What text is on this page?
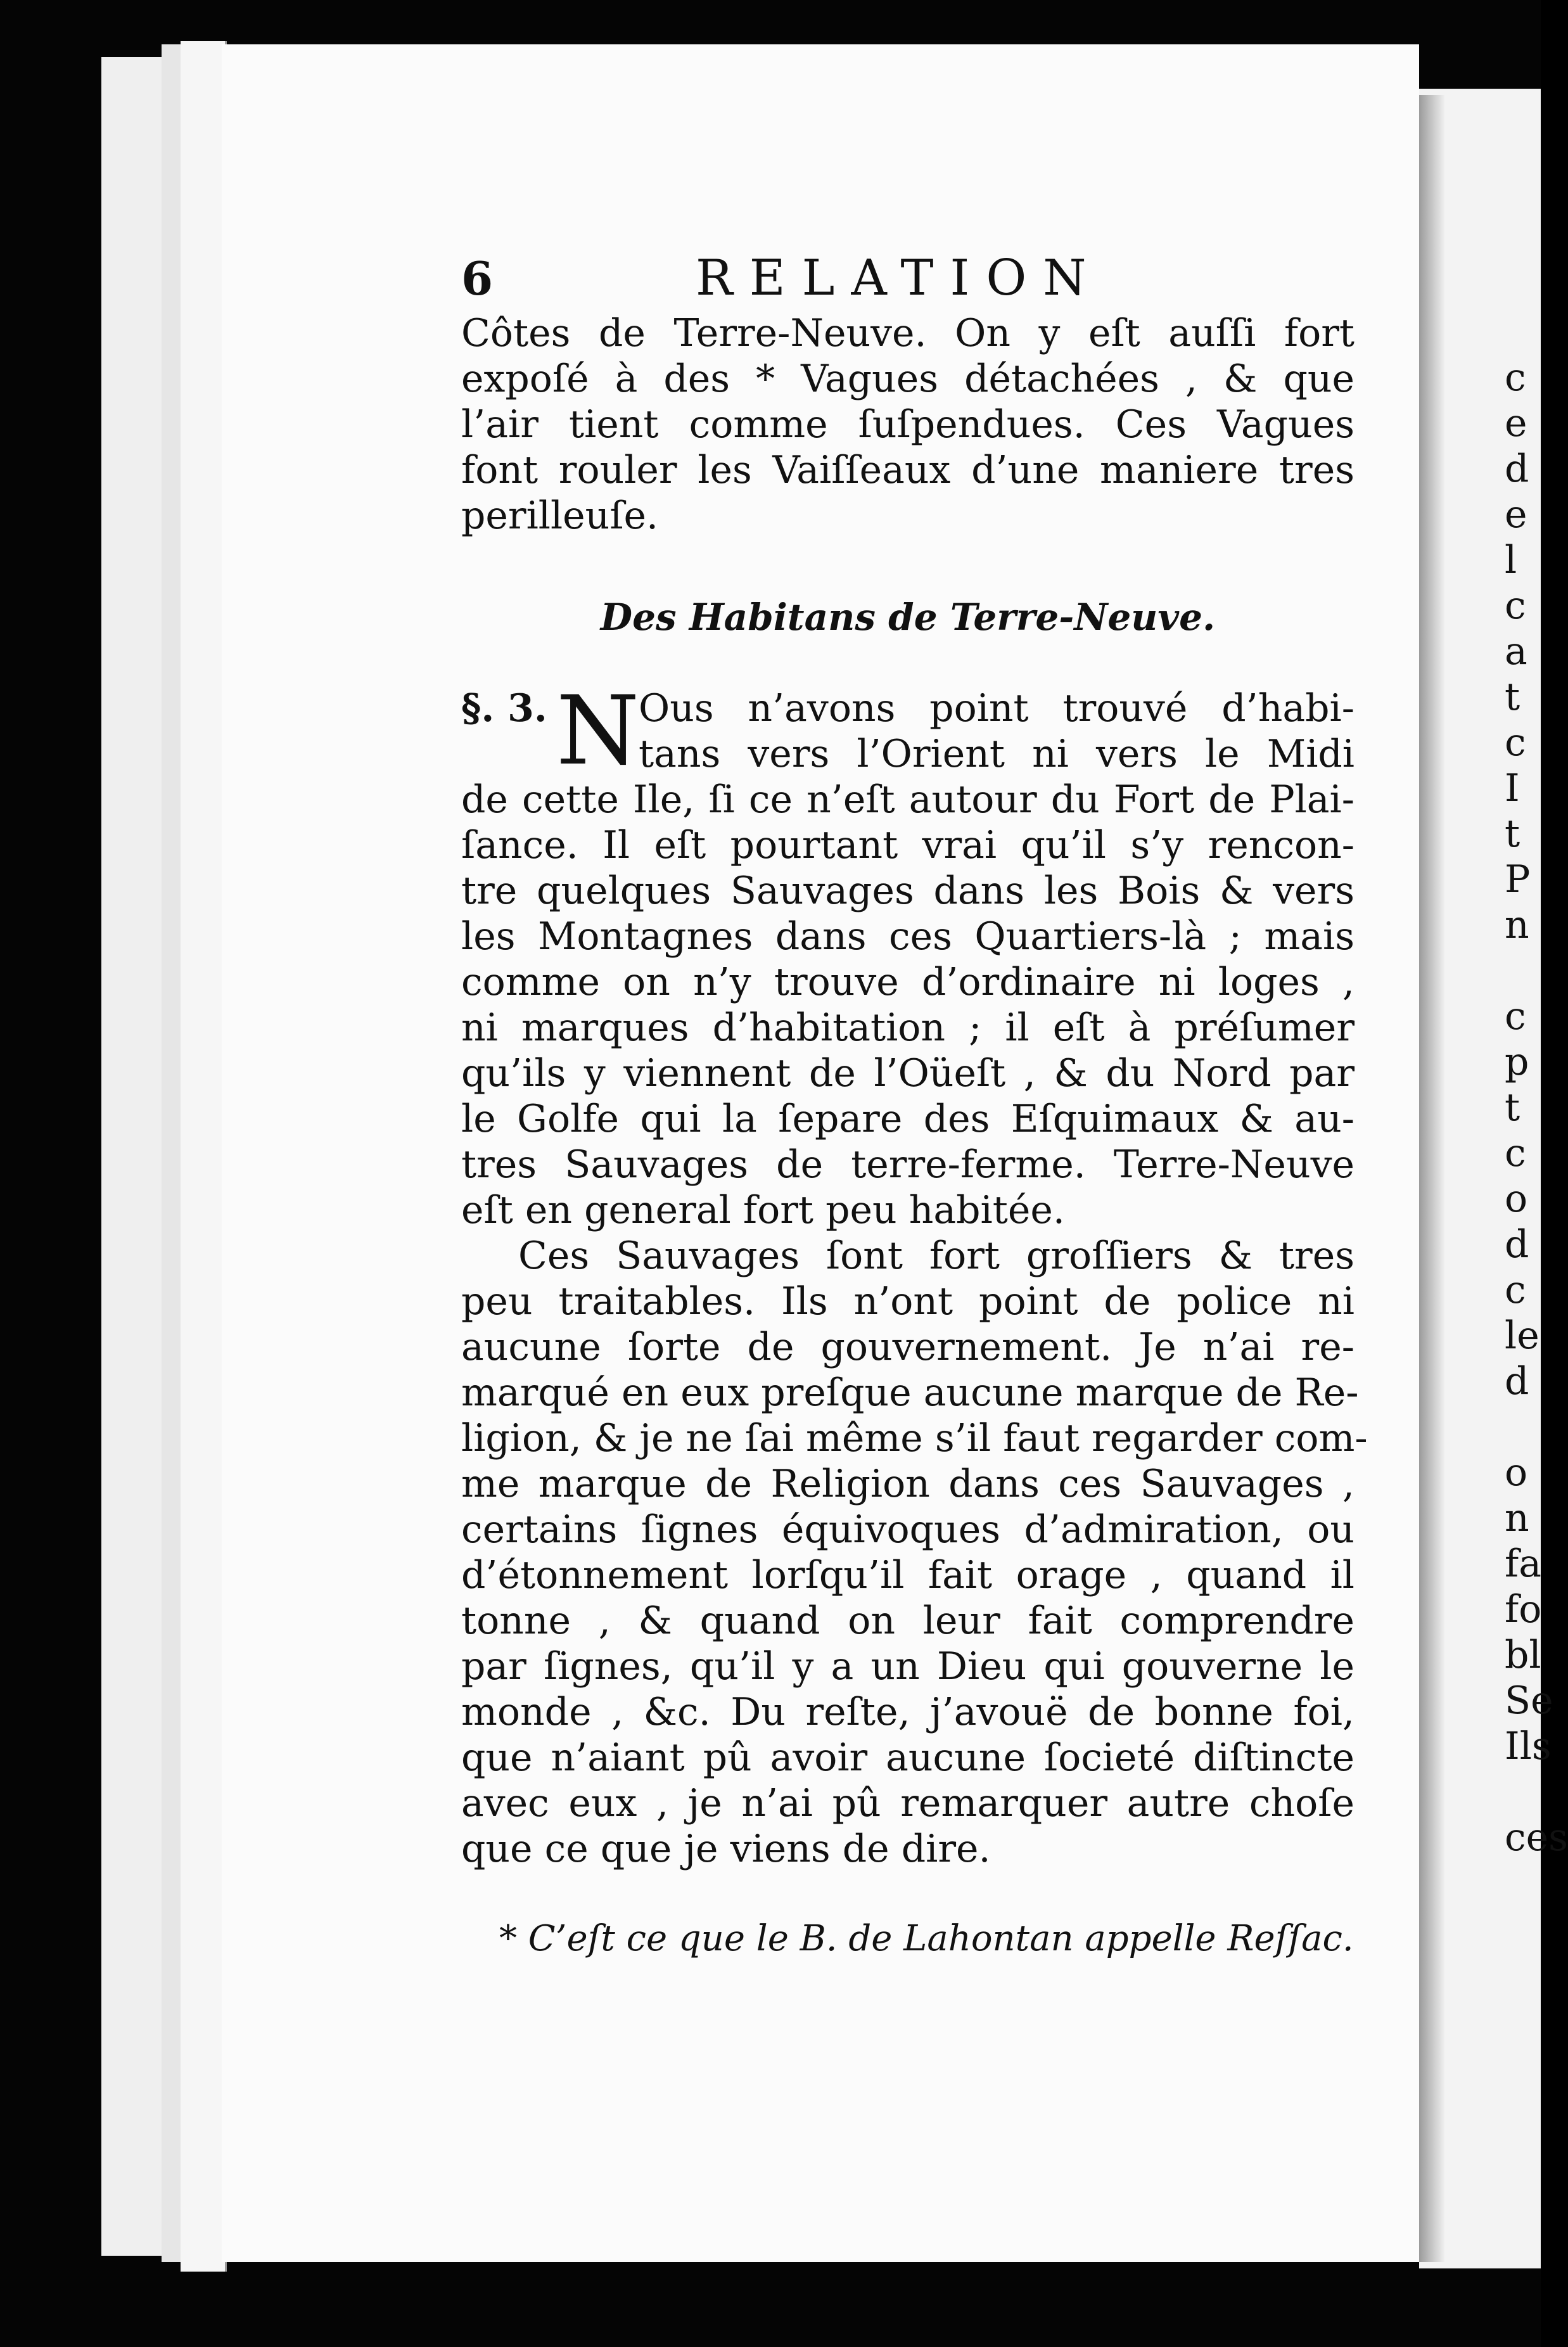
c
e
d
e
l
c
a
t
c
I
t
P
n
c
p
t
c
o
d
c
le
d
o
n
fa
fo
bl
Se
Ils
ces
6	RELATION
Côtes de Terre-Neuve. On y eſt auſſi fort
expoſé à des * Vagues détachées , & que
l’air tient comme ſuſpendues. Ces Vagues
font rouler les Vaiſſeaux d’une maniere tres
perilleuſe.
Des Habitans de Terre-Neuve.
§. 3. N
Ous n’avons point trouvé d’habi-
tans vers l’Orient ni vers le Midi
de cette Ile, ſi ce n’eſt autour du Fort de Plai-
ſance. Il eſt pourtant vrai qu’il s’y rencon-
tre quelques Sauvages dans les Bois & vers
les Montagnes dans ces Quartiers-là ; mais
comme on n’y trouve d’ordinaire ni loges ,
ni marques d’habitation ; il eſt à préſumer
qu’ils y viennent de l’Oüeſt , & du Nord par
le Golfe qui la ſepare des Eſquimaux & au-
tres Sauvages de terre-ferme. Terre-Neuve
eſt en general fort peu habitée.
Ces Sauvages ſont fort groſſiers & tres
peu traitables. Ils n’ont point de police ni
aucune ſorte de gouvernement. Je n’ai re-
marqué en eux preſque aucune marque de Re-
ligion, & je ne ſai même s’il faut regarder com-
me marque de Religion dans ces Sauvages ,
certains ſignes équivoques d’admiration, ou
d’étonnement lorſqu’il fait orage , quand il
tonne , & quand on leur fait comprendre
par ſignes, qu’il y a un Dieu qui gouverne le
monde , &c. Du reſte, j’avouë de bonne foi,
que n’aiant pû avoir aucune ſocieté diſtincte
avec eux , je n’ai pû remarquer autre choſe
que ce que je viens de dire.
* C’eſt ce que le B. de Lahontan appelle Reſſac.
